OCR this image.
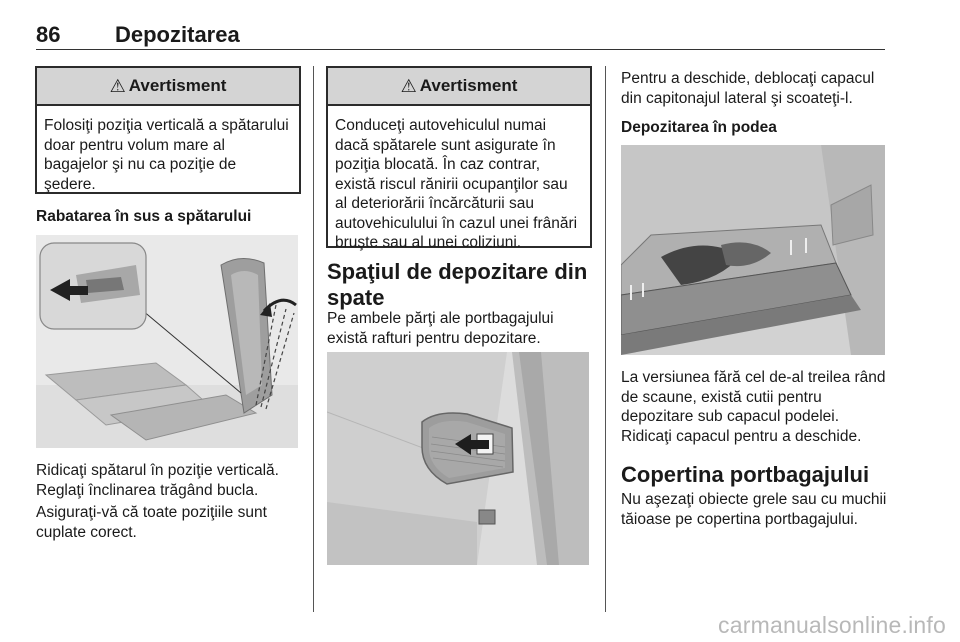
86 Depozitarea
⚠ Avertisment
Folosiţi poziţia verticală a spătarului doar pentru volum mare al bagajelor şi nu ca poziţie de şedere.
Rabatarea în sus a spătarului
Ridicaţi spătarul în poziţie verticală. Reglaţi înclinarea trăgând bucla.
Asiguraţi-vă că toate poziţiile sunt cuplate corect.
⚠ Avertisment
Conduceţi autovehiculul numai dacă spătarele sunt asigurate în poziţia blocată. În caz contrar, există riscul rănirii ocupanţilor sau al deteriorării încărcăturii sau autovehiculului în cazul unei frânări bruşte sau al unei coliziuni.
Spaţiul de depozitare din spate
Pe ambele părţi ale portbagajului există rafturi pentru depozitare.
Pentru a deschide, deblocaţi capacul din capitonajul lateral şi scoateţi-l.
Depozitarea în podea
La versiunea fără cel de-al treilea rând de scaune, există cutii pentru depozitare sub capacul podelei. Ridicaţi capacul pentru a deschide.
Copertina portbagajului
Nu aşezaţi obiecte grele sau cu muchii tăioase pe copertina portbagajului.
carmanualsonline.info
